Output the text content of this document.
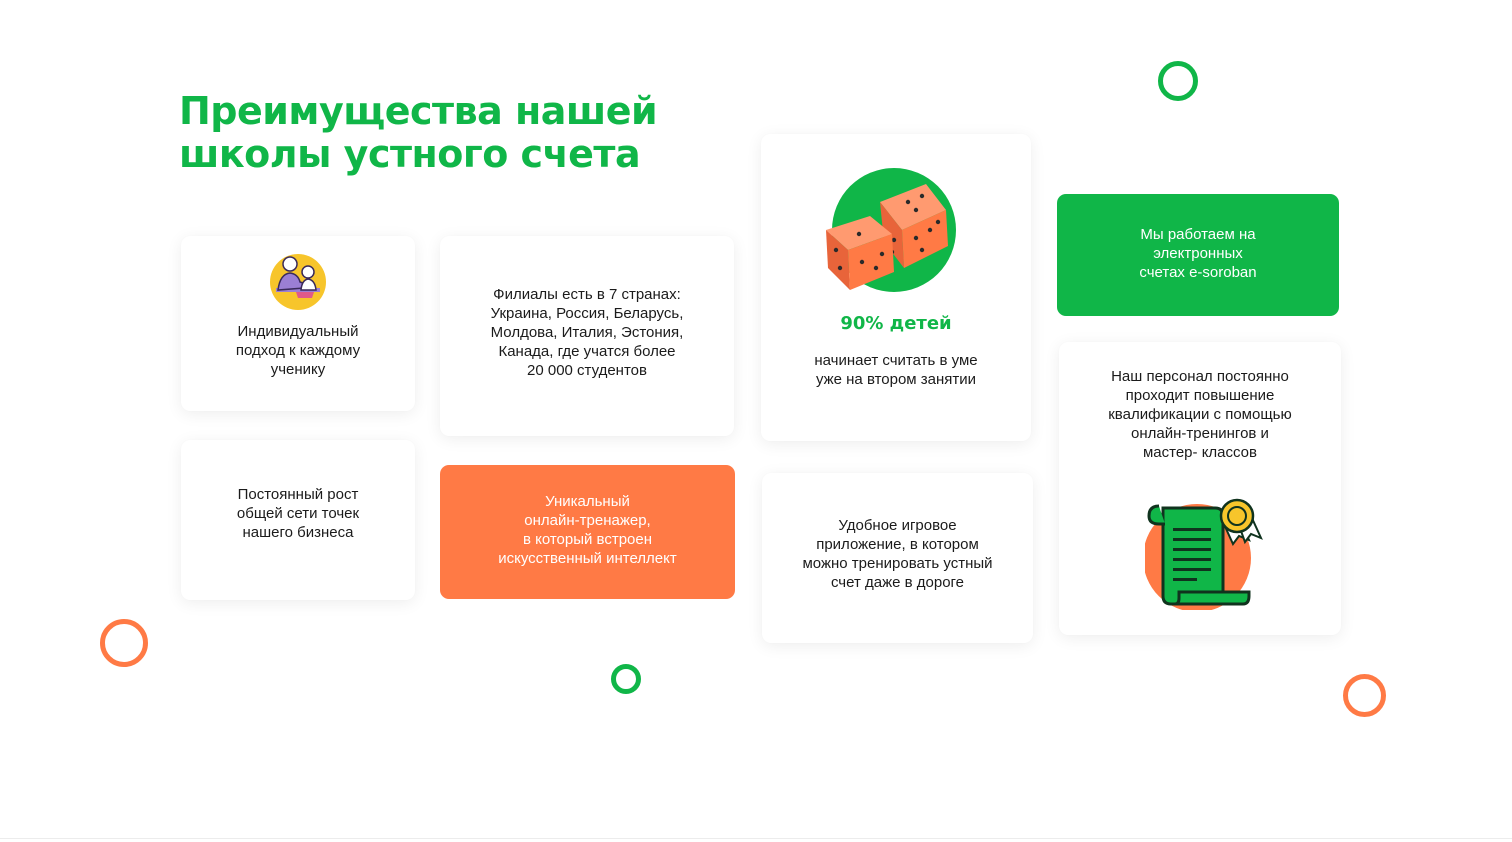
Преимущества нашей
школы устного счета
Индивидуальный
подход к каждому
ученику
Филиалы есть в 7 странах:
Украина, Россия, Беларусь,
Молдова, Италия, Эстония,
Канада, где учатся более
20 000 студентов
Постоянный рост
общей сети точек
нашего бизнеса
Уникальный
онлайн-тренажер,
в который встроен
искусственный интеллект
90% детей
начинает считать в уме
уже на втором занятии
Удобное игровое
приложение, в котором
можно тренировать устный
счет даже в дороге
Мы работаем на
электронных
счетах e-soroban
Наш персонал постоянно
проходит повышение
квалификации с помощью
онлайн-тренингов и
мастер- классов
